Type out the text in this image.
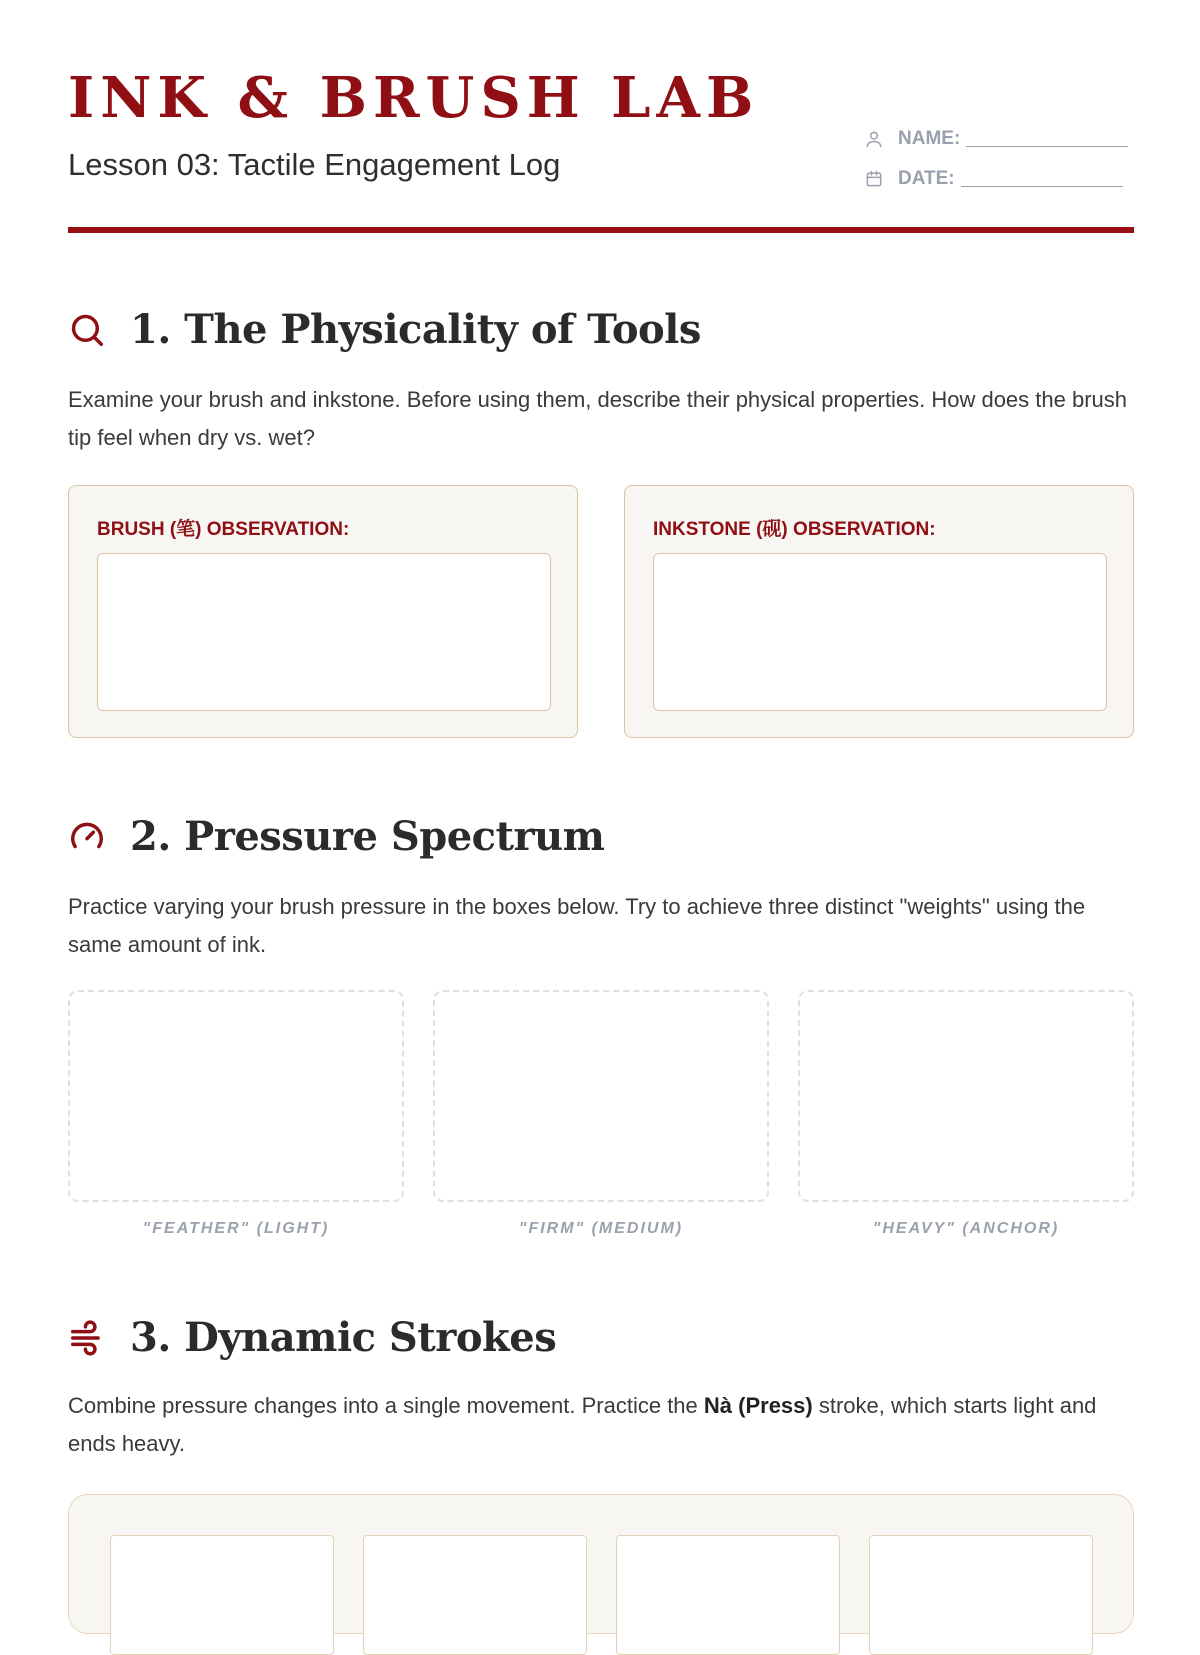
INK & BRUSH LAB
Lesson 03: Tactile Engagement Log
NAME:
DATE:
1. The Physicality of Tools
Examine your brush and inkstone. Before using them, describe their physical properties. How does the brush tip feel when dry vs. wet?
BRUSH (笔) OBSERVATION:	INKSTONE (砚) OBSERVATION:
2. Pressure Spectrum
Practice varying your brush pressure in the boxes below. Try to achieve three distinct "weights" using the same amount of ink.
"FEATHER" (LIGHT)	"FIRM" (MEDIUM)	"HEAVY" (ANCHOR)
3. Dynamic Strokes
Combine pressure changes into a single movement. Practice the Nà (Press) stroke, which starts light and ends heavy.
